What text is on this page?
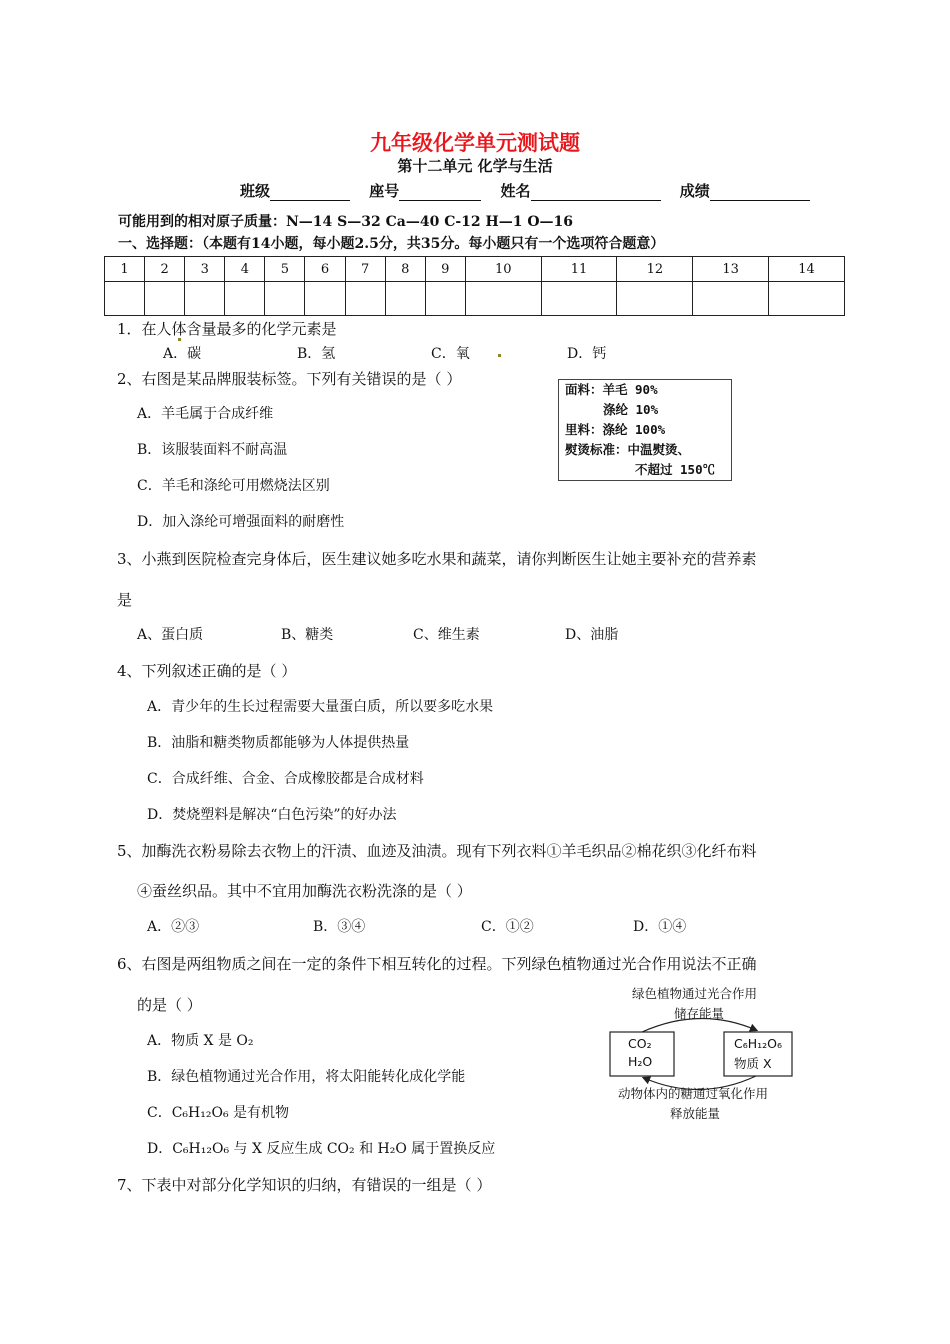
九年级化学单元测试题
第十二单元 化学与生活
班级	座号	姓名	成绩
可能用到的相对原子质量：N—14 S—32 Ca—40 C-12 H—1 O—16
一、选择题：（本题有14小题，每小题2.5分，共35分。每小题只有一个选项符合题意）
1	2	3	4	5	6	7	8	9	10	11	12	13	14

1．在人体含量最多的化学元素是
A．碳	B．氢	C．氧	D．钙
2、右图是某品牌服装标签。下列有关错误的是（ ）
A．羊毛属于合成纤维
B．该服装面料不耐高温
C．羊毛和涤纶可用燃烧法区别
D．加入涤纶可增强面料的耐磨性
面料：羊毛 90%
涤纶 10%
里料：涤纶 100%
熨烫标准：中温熨烫、
不超过 150℃
3、小燕到医院检查完身体后，医生建议她多吃水果和蔬菜，请你判断医生让她主要补充的营养素
是
A、蛋白质	B、糖类	C、维生素	D、油脂
4、下列叙述正确的是（ ）
A．青少年的生长过程需要大量蛋白质，所以要多吃水果
B．油脂和糖类物质都能够为人体提供热量
C．合成纤维、合金、合成橡胶都是合成材料
D．焚烧塑料是解决“白色污染”的好办法
5、加酶洗衣粉易除去衣物上的汗渍、血迹及油渍。现有下列衣料①羊毛织品②棉花织③化纤布料
④蚕丝织品。其中不宜用加酶洗衣粉洗涤的是（ ）
A．②③	B．③④	C．①②	D．①④
6、右图是两组物质之间在一定的条件下相互转化的过程。下列绿色植物通过光合作用说法不正确
的是（ ）
A．物质 X 是 O₂
B．绿色植物通过光合作用，将太阳能转化成化学能
C．C₆H₁₂O₆ 是有机物
D．C₆H₁₂O₆ 与 X 反应生成 CO₂ 和 H₂O 属于置换反应
绿色植物通过光合作用
储存能量
CO₂
H₂O
C₆H₁₂O₆
物质 X
动物体内的糖通过氧化作用
释放能量
7、下表中对部分化学知识的归纳，有错误的一组是（ ）
